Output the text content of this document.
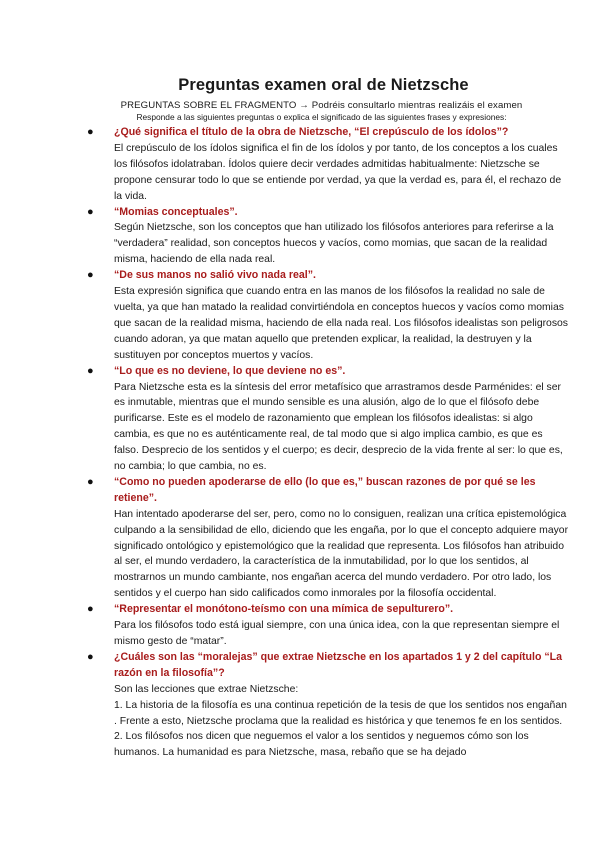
Preguntas examen oral de Nietzsche
PREGUNTAS SOBRE EL FRAGMENTO → Podréis consultarlo mientras realizáis el examen
Responde a las siguientes preguntas o explica el significado de las siguientes frases y expresiones:
● ¿Qué significa el título de la obra de Nietzsche, “El crepúsculo de los ídolos”?

El crepúsculo de los ídolos significa el fin de los ídolos y por tanto, de los conceptos a los cuales los filósofos idolatraban. Ídolos quiere decir verdades admitidas habitualmente: Nietzsche se propone censurar todo lo que se entiende por verdad, ya que la verdad es, para él, el rechazo de la vida.

● “Momias conceptuales”.

Según Nietzsche, son los conceptos que han utilizado los filósofos anteriores para referirse a la “verdadera” realidad, son conceptos huecos y vacíos, como momias, que sacan de la realidad misma, haciendo de ella nada real.

● “De sus manos no salió vivo nada real”.

Esta expresión significa que cuando entra en las manos de los filósofos la realidad no sale de vuelta, ya que han matado la realidad convirtiéndola en conceptos huecos y vacíos como momias que sacan de la realidad misma, haciendo de ella nada real. Los filósofos idealistas son peligrosos cuando adoran, ya que matan aquello que pretenden explicar, la realidad, la destruyen y la sustituyen por conceptos muertos y vacíos.

● “Lo que es no deviene, lo que deviene no es”.

Para Nietzsche esta es la síntesis del error metafísico que arrastramos desde Parménides: el ser es inmutable, mientras que el mundo sensible es una alusión, algo de lo que el filósofo debe purificarse. Este es el modelo de razonamiento que emplean los filósofos idealistas: si algo cambia, es que no es auténticamente real, de tal modo que si algo implica cambio, es que es falso. Desprecio de los sentidos y el cuerpo; es decir, desprecio de la vida frente al ser: lo que es, no cambia; lo que cambia, no es.

● “Como no pueden apoderarse de ello (lo que es,” buscan razones de por qué se les retiene”.

Han intentado apoderarse del ser, pero, como no lo consiguen, realizan una crítica epistemológica culpando a la sensibilidad de ello, diciendo que les engaña, por lo que el concepto adquiere mayor significado ontológico y epistemológico que la realidad que representa. Los filósofos han atribuido al ser, el mundo verdadero, la característica de la inmutabilidad, por lo que los sentidos, al mostrarnos un mundo cambiante, nos engañan acerca del mundo verdadero. Por otro lado, los sentidos y el cuerpo han sido calificados como inmorales por la filosofía occidental.

● “Representar el monótono-teísmo con una mímica de sepulturero”.

Para los filósofos todo está igual siempre, con una única idea, con la que representan siempre el mismo gesto de “matar”.

● ¿Cuáles son las “moralejas” que extrae Nietzsche en los apartados 1 y 2 del capítulo “La razón en la filosofía”?

Son las lecciones que extrae Nietzsche:

1. La historia de la filosofía es una continua repetición de la tesis de que los sentidos nos engañan . Frente a esto, Nietzsche proclama que la realidad es histórica y que tenemos fe en los sentidos.

2. Los filósofos nos dicen que neguemos el valor a los sentidos y neguemos cómo son los humanos. La humanidad es para Nietzsche, masa, rebaño que se ha dejado
